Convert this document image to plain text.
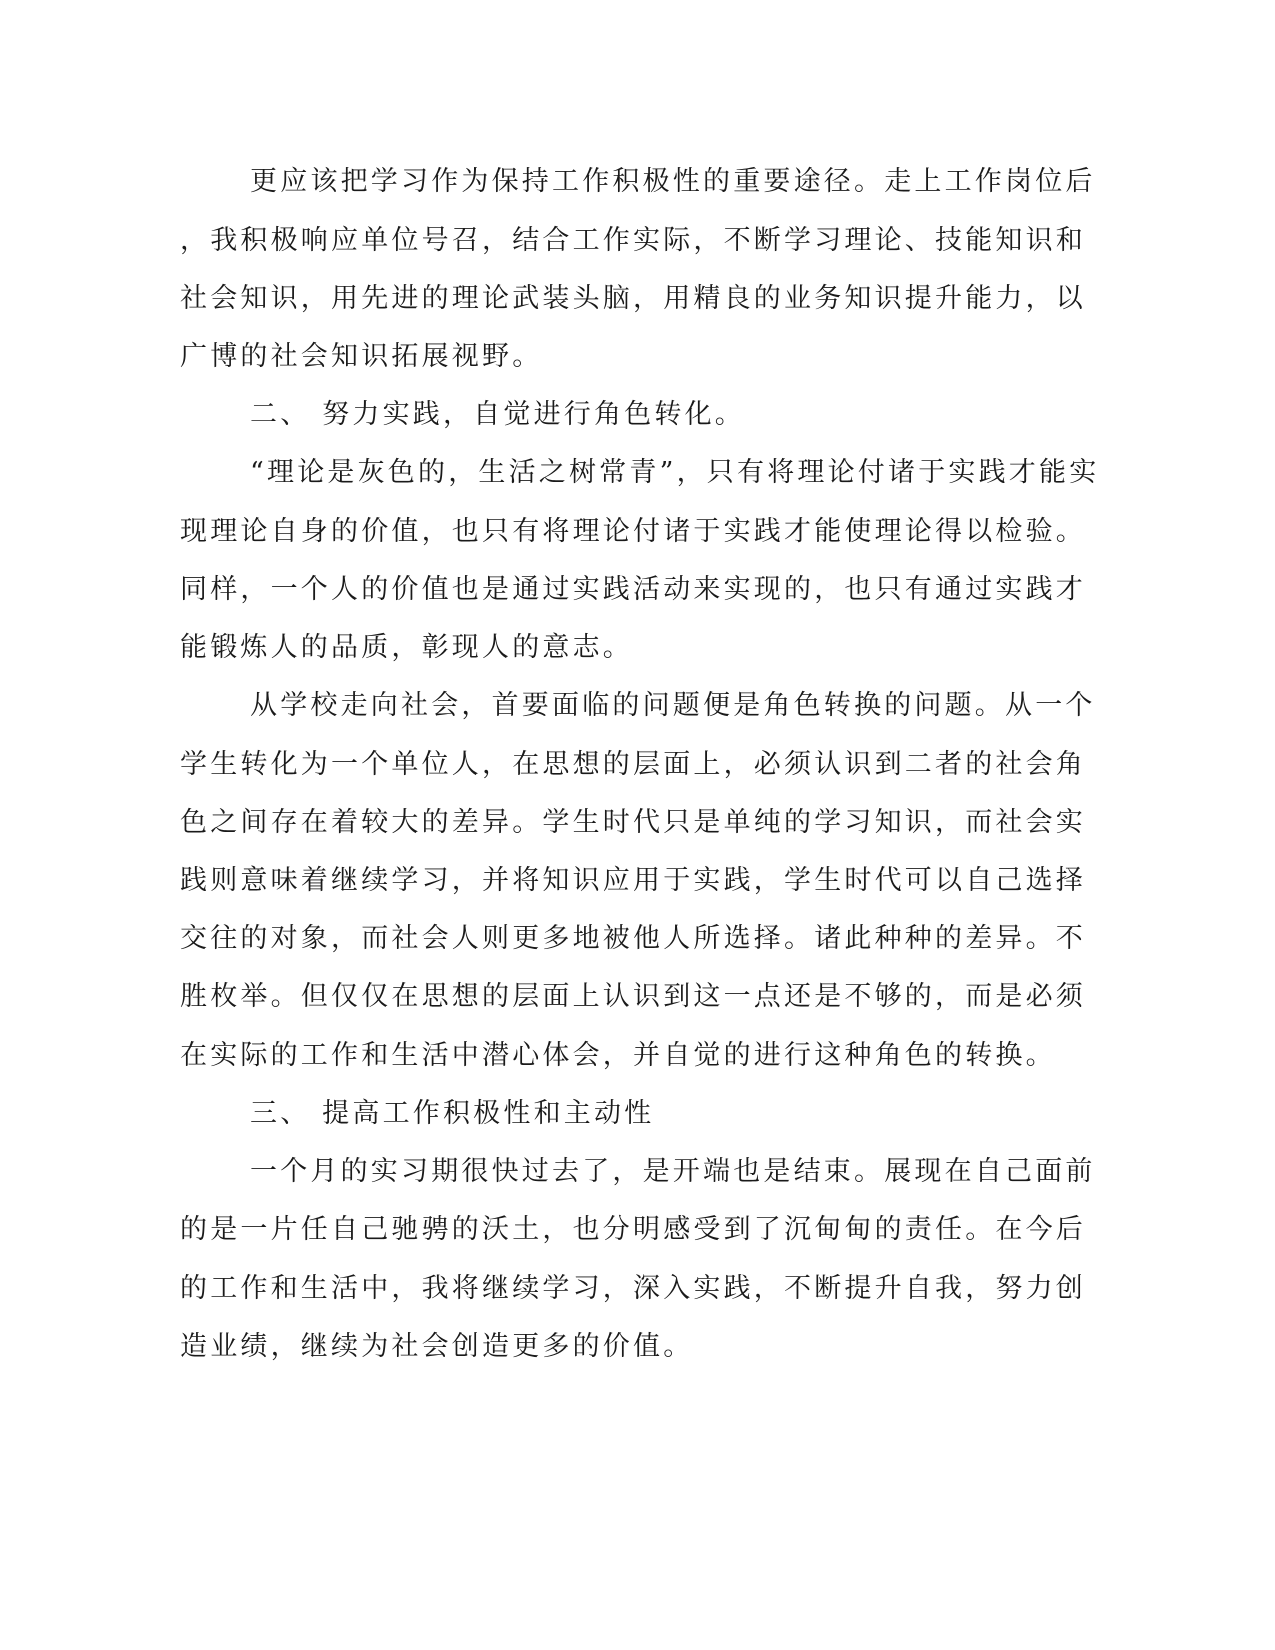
更应该把学习作为保持工作积极性的重要途径。走上工作岗位后
，我积极响应单位号召，结合工作实际，不断学习理论、技能知识和
社会知识，用先进的理论武装头脑，用精良的业务知识提升能力，以
广博的社会知识拓展视野。
二、 努力实践，自觉进行角色转化。
“理论是灰色的，生活之树常青”，只有将理论付诸于实践才能实
现理论自身的价值，也只有将理论付诸于实践才能使理论得以检验。
同样，一个人的价值也是通过实践活动来实现的，也只有通过实践才
能锻炼人的品质，彰现人的意志。
从学校走向社会，首要面临的问题便是角色转换的问题。从一个
学生转化为一个单位人，在思想的层面上，必须认识到二者的社会角
色之间存在着较大的差异。学生时代只是单纯的学习知识，而社会实
践则意味着继续学习，并将知识应用于实践，学生时代可以自己选择
交往的对象，而社会人则更多地被他人所选择。诸此种种的差异。不
胜枚举。但仅仅在思想的层面上认识到这一点还是不够的，而是必须
在实际的工作和生活中潜心体会，并自觉的进行这种角色的转换。
三、 提高工作积极性和主动性
一个月的实习期很快过去了，是开端也是结束。展现在自己面前
的是一片任自己驰骋的沃土，也分明感受到了沉甸甸的责任。在今后
的工作和生活中，我将继续学习，深入实践，不断提升自我，努力创
造业绩，继续为社会创造更多的价值。
